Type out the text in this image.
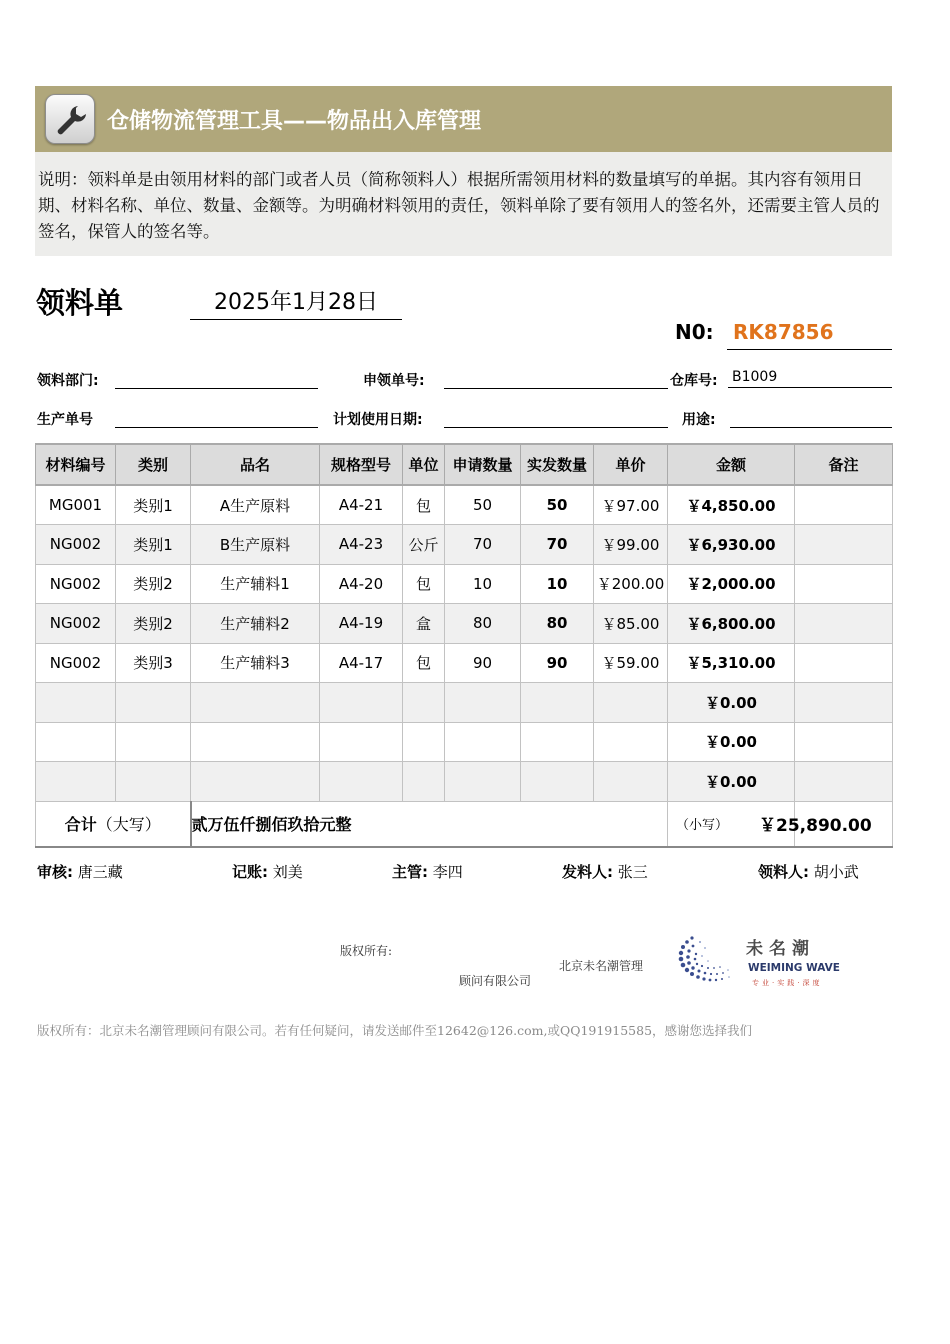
仓储物流管理工具——物品出入库管理

说明：领料单是由领用材料的部门或者人员（简称领料人）根据所需领用材料的数量填写的单据。其内容有领用日期、材料名称、单位、数量、金额等。为明确材料领用的责任，领料单除了要有领用人的签名外，还需要主管人员的签名，保管人的签名等。

领料单	2025年1月28日
N0: RK87856
领料部门:	申领单号:	仓库号: B1009
生产单号	计划使用日期:	用途:
材料编号	类别	品名	规格型号	单位	申请数量	实发数量	单价	金额	备注
MG001	类别1	A生产原料	A4-21	包	50	50	￥97.00	￥4,850.00	
NG002	类别1	B生产原料	A4-23	公斤	70	70	￥99.00	￥6,930.00	
NG002	类别2	生产辅料1	A4-20	包	10	10	￥200.00	￥2,000.00	
NG002	类别2	生产辅料2	A4-19	盒	80	80	￥85.00	￥6,800.00	
NG002	类别3	生产辅料3	A4-17	包	90	90	￥59.00	￥5,310.00	
								￥0.00	
								￥0.00	
								￥0.00	
合计（大写）		贰万伍仟捌佰玖拾元整						（小写）	￥25,890.00
审核: 唐三藏	记账: 刘美	主管: 李四	发料人: 张三	领料人: 胡小武
版权所有:
北京未名潮管理
顾问有限公司
未名潮
WEIMING WAVE
专业·实践·深度
版权所有：北京未名潮管理顾问有限公司。若有任何疑问，请发送邮件至12642@126.com,或QQ191915585，感谢您选择我们
